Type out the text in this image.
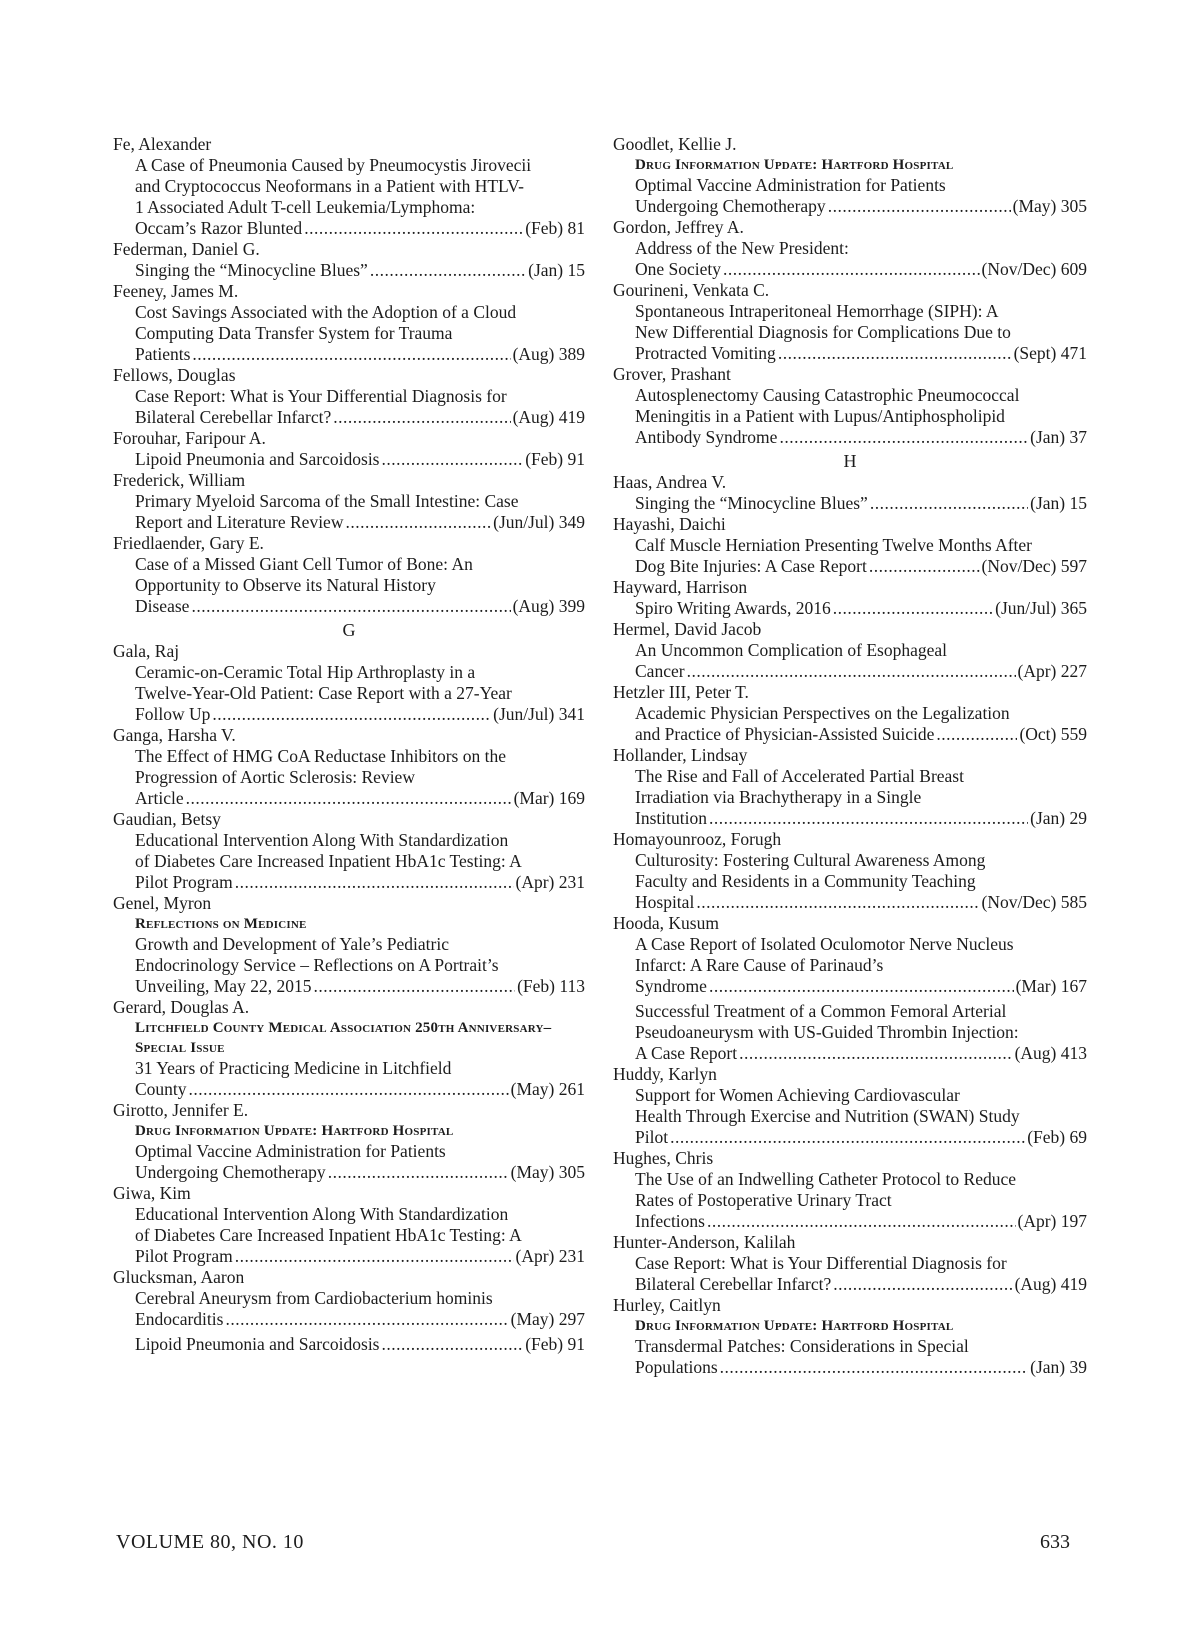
Fe, Alexander
A Case of Pneumonia Caused by Pneumocystis Jirovecii
and Cryptococcus Neoformans in a Patient with HTLV-
1 Associated Adult T-cell Leukemia/Lymphoma:
Occam’s Razor Blunted .....	(Feb) 81
Federman, Daniel G.
Singing the “Minocycline Blues” .....	(Jan) 15
Feeney, James M.
Cost Savings Associated with the Adoption of a Cloud
Computing Data Transfer System for Trauma
Patients .....	(Aug) 389
Fellows, Douglas
Case Report: What is Your Differential Diagnosis for
Bilateral Cerebellar Infarct? .....	(Aug) 419
Forouhar, Faripour A.
Lipoid Pneumonia and Sarcoidosis .....	(Feb) 91
Frederick, William
Primary Myeloid Sarcoma of the Small Intestine: Case
Report and Literature Review .....	(Jun/Jul) 349
Friedlaender, Gary E.
Case of a Missed Giant Cell Tumor of Bone: An
Opportunity to Observe its Natural History
Disease .....	(Aug) 399
G
Gala, Raj
Ceramic-on-Ceramic Total Hip Arthroplasty in a
Twelve-Year-Old Patient: Case Report with a 27-Year
Follow Up .....	(Jun/Jul) 341
Ganga, Harsha V.
The Effect of HMG CoA Reductase Inhibitors on the
Progression of Aortic Sclerosis: Review
Article .....	(Mar) 169
Gaudian, Betsy
Educational Intervention Along With Standardization
of Diabetes Care Increased Inpatient HbA1c Testing: A
Pilot Program .....	(Apr) 231
Genel, Myron
Reflections on Medicine
Growth and Development of Yale’s Pediatric
Endocrinology Service – Reflections on A Portrait’s
Unveiling, May 22, 2015 .....	(Feb) 113
Gerard, Douglas A.
Litchfield County Medical Association 250th Anniversary– Special Issue
31 Years of Practicing Medicine in Litchfield
County .....	(May) 261
Girotto, Jennifer E.
Drug Information Update: Hartford Hospital
Optimal Vaccine Administration for Patients
Undergoing Chemotherapy .....	(May) 305
Giwa, Kim
Educational Intervention Along With Standardization
of Diabetes Care Increased Inpatient HbA1c Testing: A
Pilot Program .....	(Apr) 231
Glucksman, Aaron
Cerebral Aneurysm from Cardiobacterium hominis
Endocarditis .....	(May) 297
Lipoid Pneumonia and Sarcoidosis .....	(Feb) 91
Goodlet, Kellie J.
Drug Information Update: Hartford Hospital
Optimal Vaccine Administration for Patients
Undergoing Chemotherapy .....	(May) 305
Gordon, Jeffrey A.
Address of the New President:
One Society .....	(Nov/Dec) 609
Gourineni, Venkata C.
Spontaneous Intraperitoneal Hemorrhage (SIPH): A
New Differential Diagnosis for Complications Due to
Protracted Vomiting .....	(Sept) 471
Grover, Prashant
Autosplenectomy Causing Catastrophic Pneumococcal
Meningitis in a Patient with Lupus/Antiphospholipid
Antibody Syndrome .....	(Jan) 37
H
Haas, Andrea V.
Singing the “Minocycline Blues” .....	(Jan) 15
Hayashi, Daichi
Calf Muscle Herniation Presenting Twelve Months After
Dog Bite Injuries: A Case Report .....	(Nov/Dec) 597
Hayward, Harrison
Spiro Writing Awards, 2016 .....	(Jun/Jul) 365
Hermel, David Jacob
An Uncommon Complication of Esophageal
Cancer .....	(Apr) 227
Hetzler III, Peter T.
Academic Physician Perspectives on the Legalization
and Practice of Physician-Assisted Suicide .....	(Oct) 559
Hollander, Lindsay
The Rise and Fall of Accelerated Partial Breast
Irradiation via Brachytherapy in a Single
Institution .....	(Jan) 29
Homayounrooz, Forugh
Culturosity: Fostering Cultural Awareness Among
Faculty and Residents in a Community Teaching
Hospital .....	(Nov/Dec) 585
Hooda, Kusum
A Case Report of Isolated Oculomotor Nerve Nucleus
Infarct: A Rare Cause of Parinaud’s
Syndrome .....	(Mar) 167
Successful Treatment of a Common Femoral Arterial
Pseudoaneurysm with US-Guided Thrombin Injection:
A Case Report .....	(Aug) 413
Huddy, Karlyn
Support for Women Achieving Cardiovascular
Health Through Exercise and Nutrition (SWAN) Study
Pilot .....	(Feb) 69
Hughes, Chris
The Use of an Indwelling Catheter Protocol to Reduce
Rates of Postoperative Urinary Tract
Infections .....	(Apr) 197
Hunter-Anderson, Kalilah
Case Report: What is Your Differential Diagnosis for
Bilateral Cerebellar Infarct? .....	(Aug) 419
Hurley, Caitlyn
Drug Information Update: Hartford Hospital
Transdermal Patches: Considerations in Special
Populations .....	(Jan) 39
VOLUME 80, NO. 10	633
